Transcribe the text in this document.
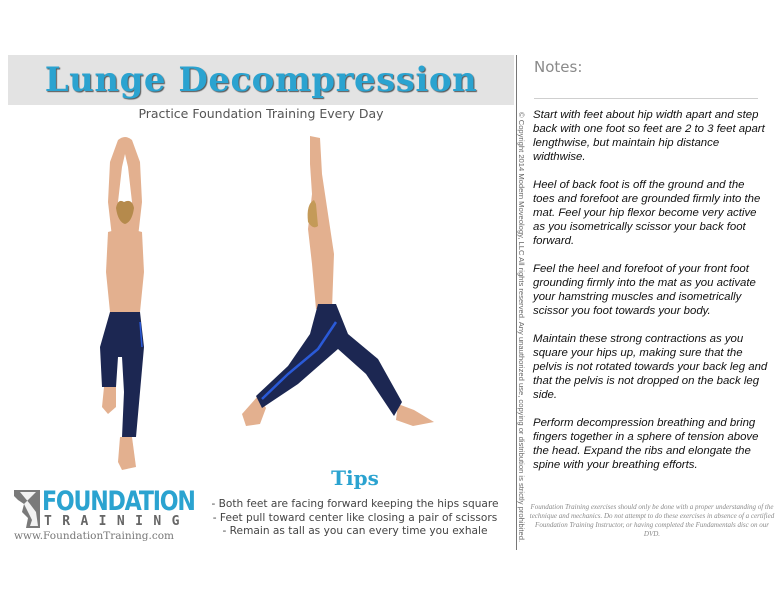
Lunge Decompression
Practice Foundation Training Every Day
Tips
- Both feet are facing forward keeping the hips square
- Feet pull toward center like closing a pair of scissors
- Remain as tall as you can every time you exhale
FOUNDATION
TRAINING
www.FoundationTraining.com	© Copyright 2014 Modern Moveology, LLC All rights reserved. Any unauthorized use, copying or distribution is strictly prohibited.
Notes:

Start with feet about hip width apart and step back with one foot so feet are 2 to 3 feet apart lengthwise, but maintain hip distance widthwise.

Heel of back foot is off the ground and the toes and forefoot are grounded firmly into the mat. Feel your hip flexor become very active as you isometrically scissor your back foot forward.

Feel the heel and forefoot of your front foot grounding firmly into the mat as you activate your hamstring muscles and isometrically scissor you foot towards your body.

Maintain these strong contractions as you square your hips up, making sure that the pelvis is not rotated towards your back leg and that the pelvis is not dropped on the back leg side.

Perform decompression breathing and bring fingers together in a sphere of tension above the head. Expand the ribs and elongate the spine with your breathing efforts.

Foundation Training exercises should only be done with a proper understanding of the technique and mechanics. Do not attempt to do these exercises in absence of a certified Foundation Training Instructor, or having completed the Fundamentals disc on our DVD.
